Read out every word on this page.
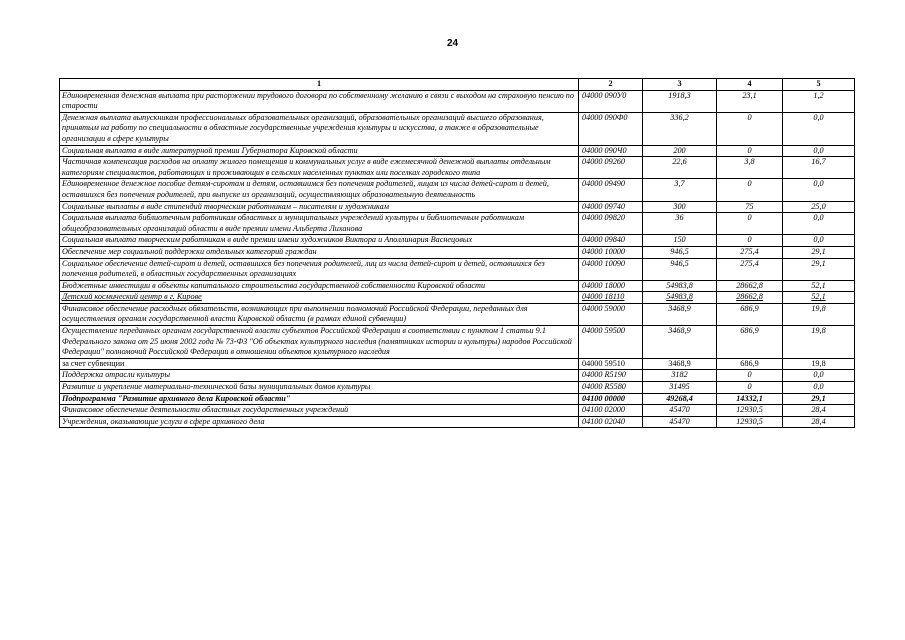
24
1	2	3	4	5
Единовременная денежная выплата при расторжении трудового договора по собственному желанию в связи с выходом на страховую пенсию по старости	04000 090У0	1918,3	23,1	1,2
Денежная выплата выпускникам профессиональных образовательных организаций, образовательных организаций высшего образования, принятым на работу по специальности в областные государственные учреждения культуры и искусства, а также в образовательные организации в сфере культуры	04000 090Ф0	336,2	0	0,0
Социальная выплата в виде литературной премии Губернатора Кировской области	04000 090Ч0	200	0	0,0
Частичная компенсация расходов на оплату жилого помещения и коммунальных услуг в виде ежемесячной денежной выплаты отдельным категориям специалистов, работающих и проживающих в сельских населенных пунктах или поселках городского типа	04000 09260	22,6	3,8	16,7
Единовременное денежное пособие детям-сиротам и детям, оставшимся без попечения родителей, лицам из числа детей-сирот и детей, оставшихся без попечения родителей, при выпуске из организаций, осуществляющих образовательную деятельность	04000 09490	3,7	0	0,0
Социальные выплаты в виде стипендий творческим работникам – писателям и художникам	04000 09740	300	75	25,0
Социальная выплата библиотечным работникам областных и муниципальных учреждений культуры и библиотечным работникам общеобразовательных организаций области в виде премии имени Альберта Лиханова	04000 09820	36	0	0,0
Социальная выплата творческим работникам в виде премии имени художников Виктора и Аполлинария Васнецовых	04000 09840	150	0	0,0
Обеспечение мер социальной поддержки отдельных категорий граждан	04000 10000	946,5	275,4	29,1
Социальное обеспечение детей-сирот и детей, оставшихся без попечения родителей, лиц из числа детей-сирот и детей, оставшихся без попечения родителей, в областных государственных организациях	04000 10090	946,5	275,4	29,1
Бюджетные инвестиции в объекты капитального строительства государственной собственности Кировской области	04000 18000	54983,8	28662,8	52,1
Детский космический центр в г. Кирове	04000 18110	54983,8	28662,8	52,1
Финансовое обеспечение расходных обязательств, возникающих при выполнении полномочий Российской Федерации, переданных для осуществления органам государственной власти Кировской области (в рамках единой субвенции)	04000 59000	3468,9	686,9	19,8
Осуществление переданных органам государственной власти субъектов Российской Федерации в соответствии с пунктом 1 статьи 9.1 Федерального закона от 25 июня 2002 года № 73-ФЗ "Об объектах культурного наследия (памятниках истории и культуры) народов Российской Федерации" полномочий Российской Федерации в отношении объектов культурного наследия	04000 59500	3468,9	686,9	19,8
за счет субвенции	04000 59510	3468,9	686,9	19,8
Поддержка отрасли культуры	04000 R5190	3182	0	0,0
Развитие и укрепление материально-технической базы муниципальных домов культуры	04000 R5580	31495	0	0,0
Подпрограмма "Развитие архивного дела Кировской области"	04100 00000	49268,4	14332,1	29,1
Финансовое обеспечение деятельности областных государственных учреждений	04100 02000	45470	12930,5	28,4
Учреждения, оказывающие услуги в сфере архивного дела	04100 02040	45470	12930,5	28,4
